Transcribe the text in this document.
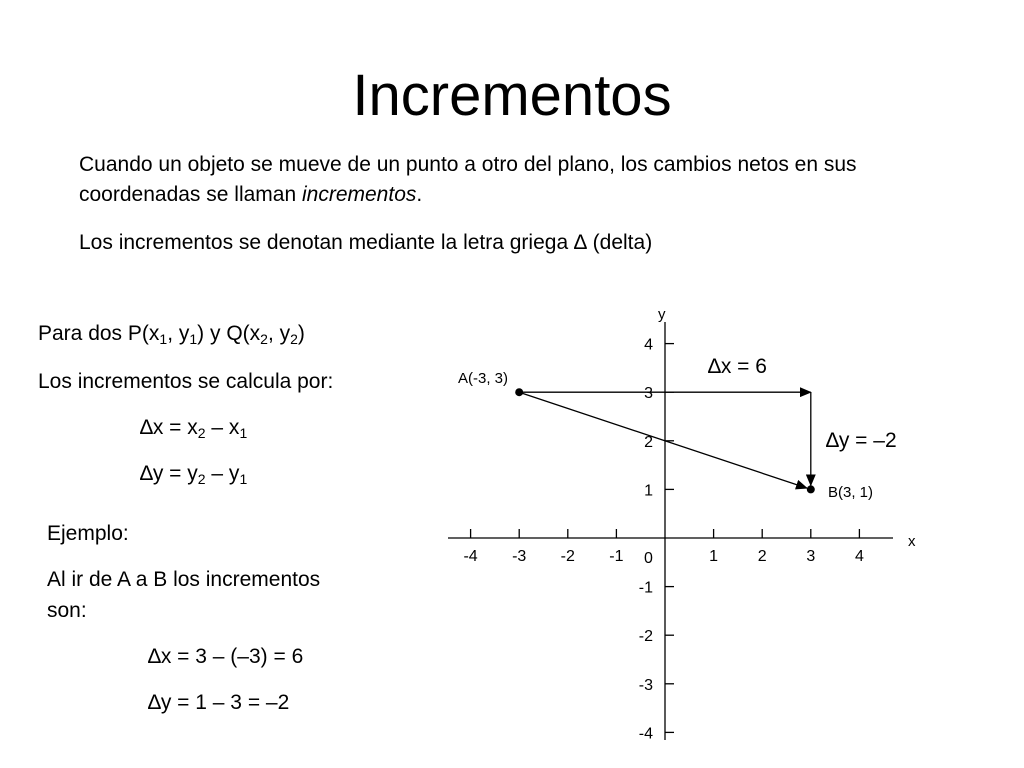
Incrementos

Cuando un objeto se mueve de un punto a otro del plano, los cambios netos en sus coordenadas se llaman incrementos.

Los incrementos se denotan mediante la letra griega ∆ (delta)

Para dos $P(x_1$, $y_1$) y $Q(x_2$, $y_2$)
Los incrementos se calcula por:
$\Delta x = x_2 - x_1$
$\Delta y = y_2 - y_1$
Ejemplo:
Al ir de A a B los incrementos
son:
∆x = 3 – (–3) = 6
∆y = 1 – 3 = –2
-4 -3 -2 -1	1 2 3 4
4
3
2
1
-1
-2
-3
-4
x
y
0
A(-3, 3)
B(3, 1)
∆x = 6
∆y = –2
